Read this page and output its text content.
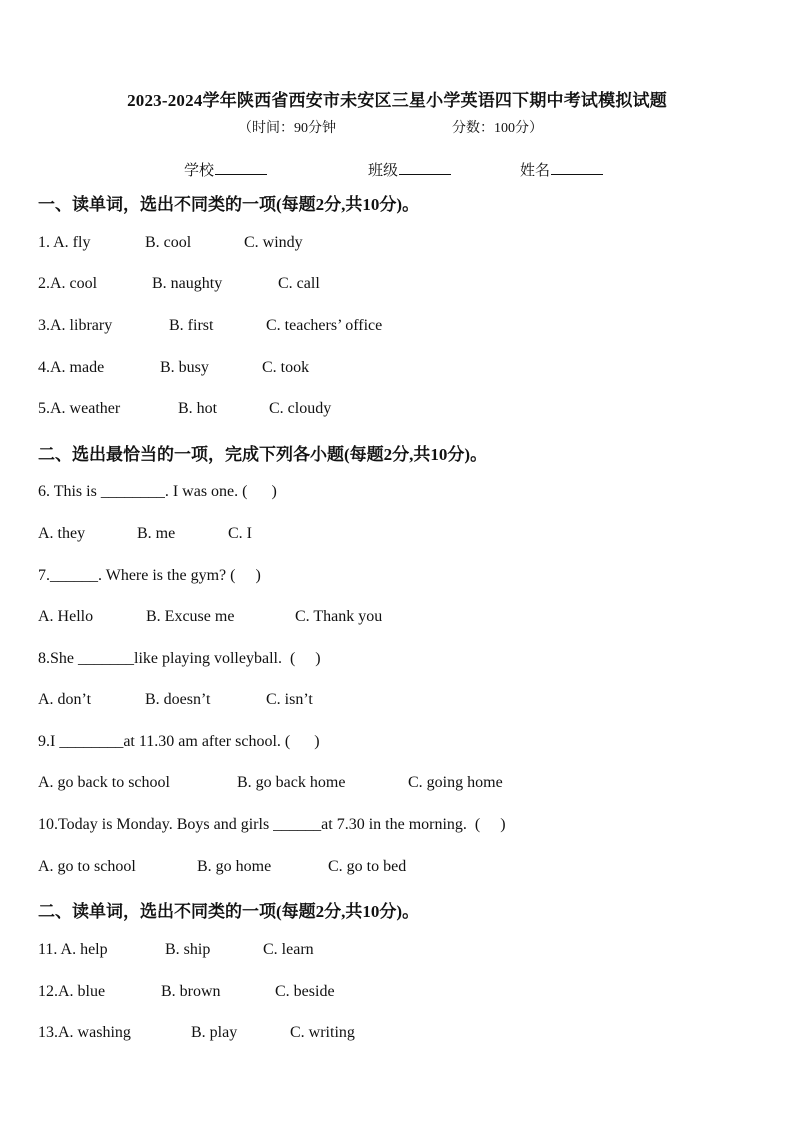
2023-2024学年陕西省西安市未安区三星小学英语四下期中考试模拟试题
（时间：90分钟	分数：100分）
学校	班级	姓名
一、读单词，选出不同类的一项(每题2分,共10分)。
1. A. fly	B. cool	C. windy
2.A. cool	B. naughty	C. call
3.A. library	B. first	C. teachers’ office
4.A. made	B. busy	C. took
5.A. weather	B. hot	C. cloudy
二、选出最恰当的一项，完成下列各小题(每题2分,共10分)。
6. This is ________. I was one. (      )
A. they	B. me	C. I
7.______. Where is the gym? (     )
A. Hello	B. Excuse me	C. Thank you
8.She _______like playing volleyball.  (     )
A. don’t	B. doesn’t	C. isn’t
9.I ________at 11.30 am after school. (      )
A. go back to school	B. go back home	C. going home
10.Today is Monday. Boys and girls ______at 7.30 in the morning.  (     )
A. go to school	B. go home	C. go to bed
二、读单词，选出不同类的一项(每题2分,共10分)。
11. A. help	B. ship	C. learn
12.A. blue	B. brown	C. beside
13.A. washing	B. play	C. writing
